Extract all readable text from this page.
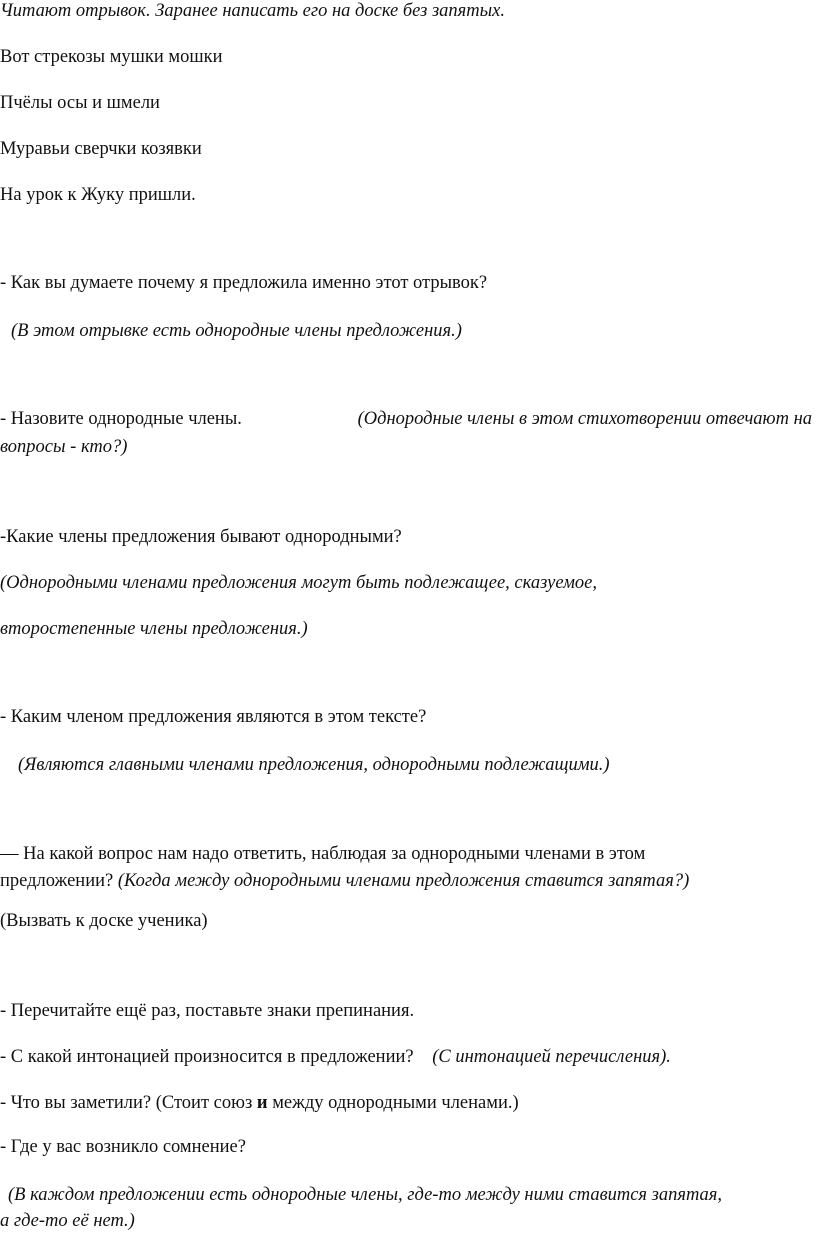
Читают отрывок. Заранее написать его на доске без запятых.
Вот стрекозы мушки мошки
Пчёлы осы и шмели
Муравьи сверчки козявки
На урок к Жуку пришли.
- Как вы думаете почему я предложила именно этот отрывок?
(В этом отрывке есть однородные члены предложения.)
- Назовите однородные члены.	(Однородные члены в этом стихотворении отвечают на
вопросы - кто?)
-Какие члены предложения бывают однородными?
(Однородными членами предложения могут быть подлежащее, сказуемое,
второстепенные члены предложения.)
- Каким членом предложения являются в этом тексте?
(Являются главными членами предложения, однородными подлежащими.)
— На какой вопрос нам надо ответить, наблюдая за однородными членами в этом
предложении? (Когда между однородными членами предложения ставится запятая?)
(Вызвать к доске ученика)
- Перечитайте ещё раз, поставьте знаки препинания.
- С какой интонацией произносится в предложении? (С интонацией перечисления).
- Что вы заметили? (Стоит союз и между однородными членами.)
- Где у вас возникло сомнение?
(В каждом предложении есть однородные члены, где-то между ними ставится запятая,
а где-то её нет.)
